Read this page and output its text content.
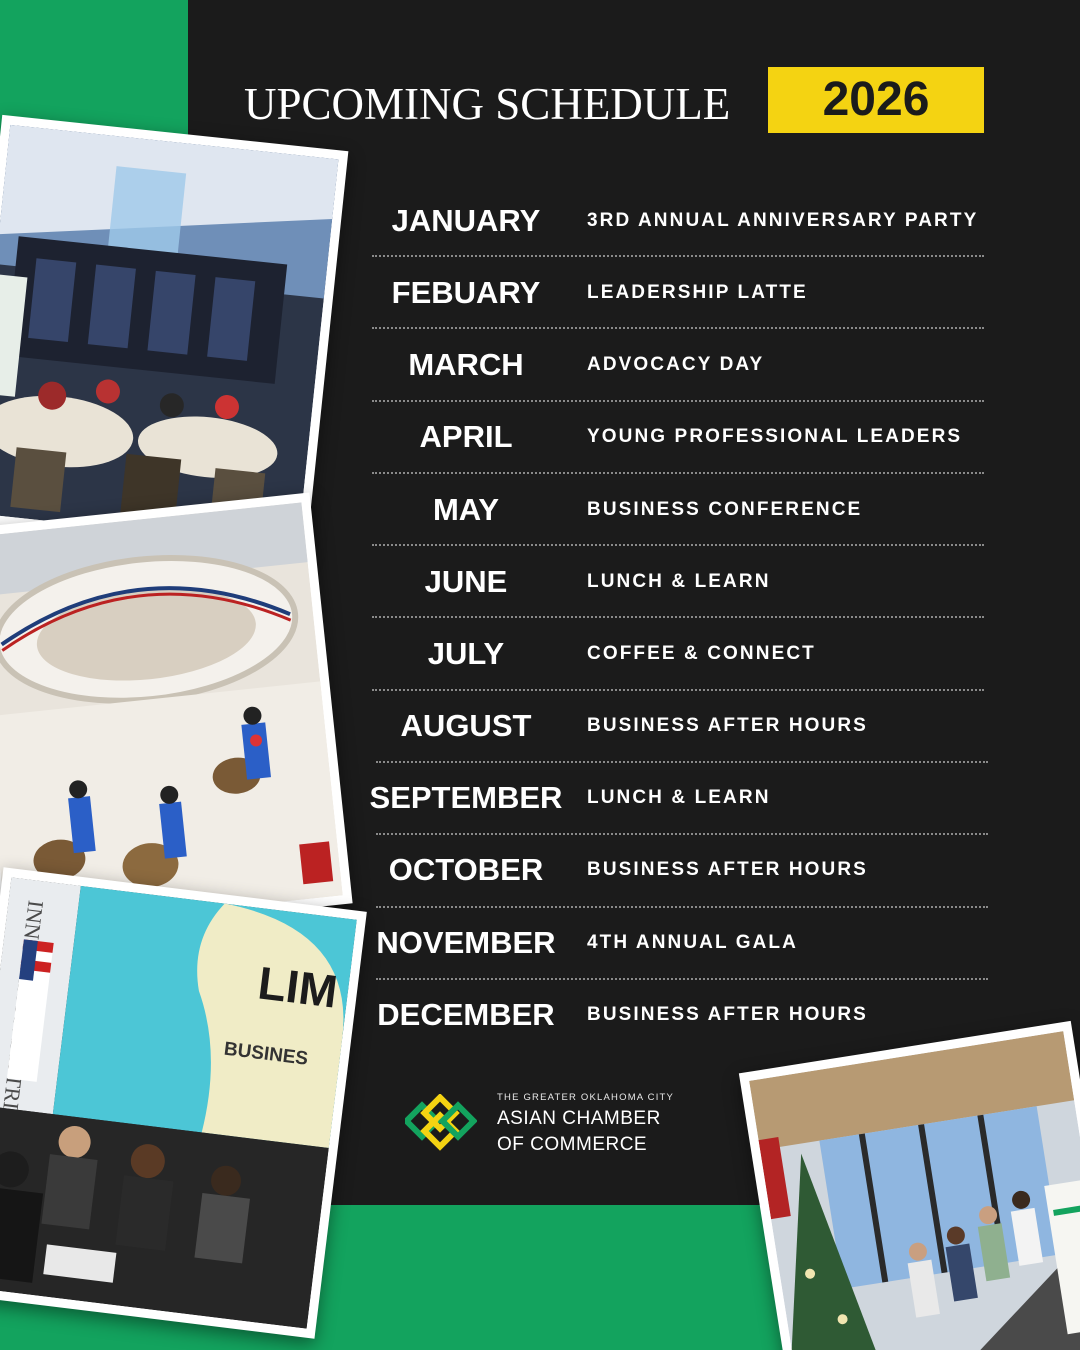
UPCOMING SCHEDULE	2026
JANUARY	3RD ANNUAL ANNIVERSARY PARTY
FEBUARY	LEADERSHIP LATTE
MARCH	ADVOCACY DAY
APRIL	YOUNG PROFESSIONAL LEADERS
MAY	BUSINESS CONFERENCE
JUNE	LUNCH & LEARN
JULY	COFFEE & CONNECT
AUGUST	BUSINESS AFTER HOURS
SEPTEMBER	LUNCH & LEARN
OCTOBER	BUSINESS AFTER HOURS
NOVEMBER	4TH ANNUAL GALA
DECEMBER	BUSINESS AFTER HOURS
DISTRICT
LIM
BUSINES
THE GREATER OKLAHOMA CITY
ASIAN CHAMBER
OF COMMERCE
